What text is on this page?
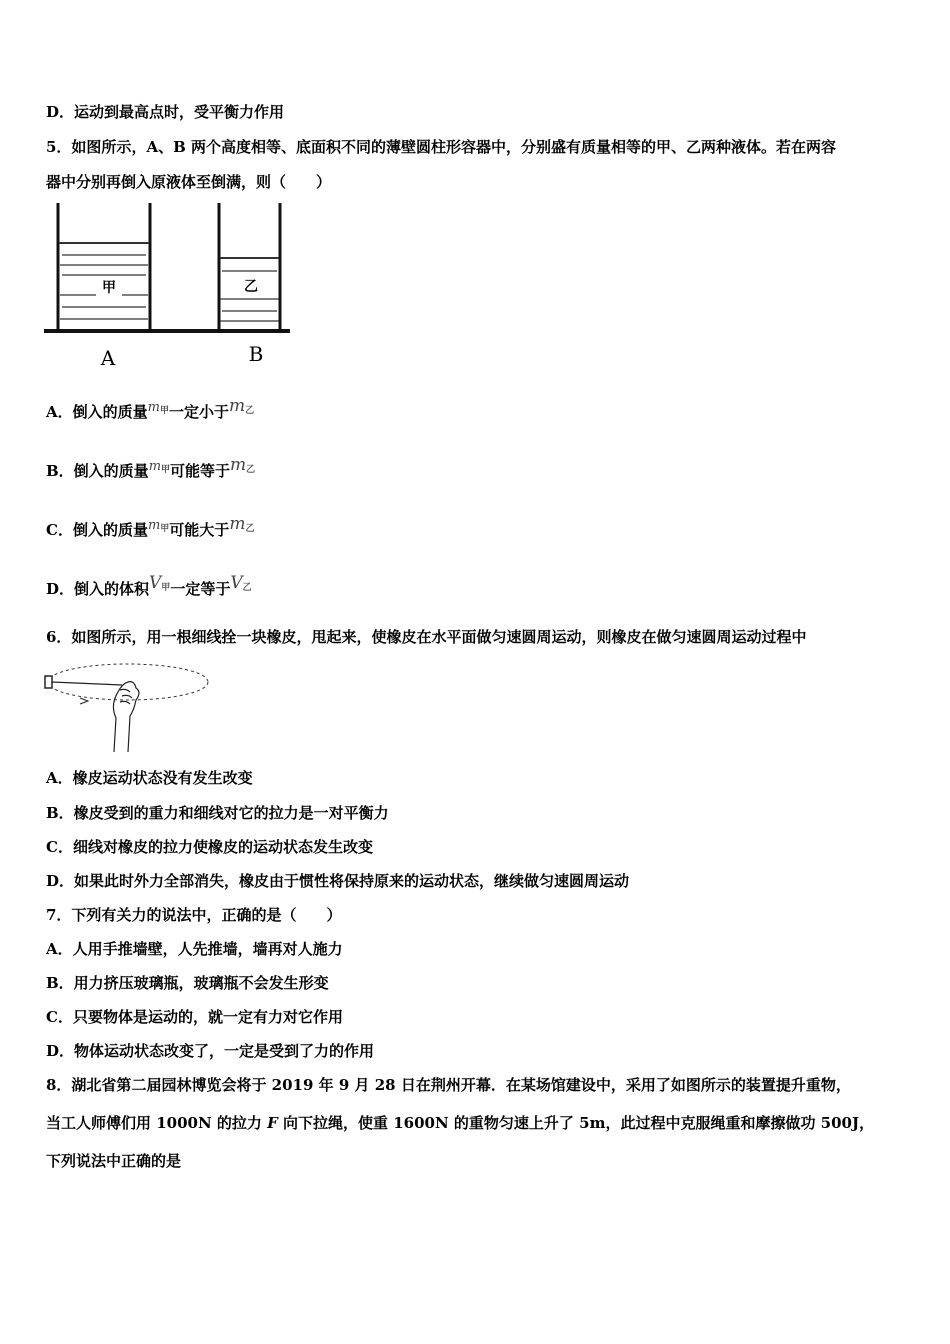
D．运动到最高点时，受平衡力作用
5．如图所示，A、B 两个高度相等、底面积不同的薄壁圆柱形容器中，分别盛有质量相等的甲、乙两种液体。若在两容
器中分别再倒入原液体至倒满，则（　　）
甲	乙
A	B
A．倒入的质量$m^甲$一定小于$m^乙$
B．倒入的质量$m^甲$可能等于$m^乙$
C．倒入的质量$m^甲$可能大于$m^乙$
D．倒入的体积$V^甲$一定等于$V^乙$
6．如图所示，用一根细线拴一块橡皮，甩起来，使橡皮在水平面做匀速圆周运动，则橡皮在做匀速圆周运动过程中
A．橡皮运动状态没有发生改变
B．橡皮受到的重力和细线对它的拉力是一对平衡力
C．细线对橡皮的拉力使橡皮的运动状态发生改变
D．如果此时外力全部消失，橡皮由于惯性将保持原来的运动状态，继续做匀速圆周运动
7．下列有关力的说法中，正确的是（　　）
A．人用手推墙壁，人先推墙，墙再对人施力
B．用力挤压玻璃瓶，玻璃瓶不会发生形变
C．只要物体是运动的，就一定有力对它作用
D．物体运动状态改变了，一定是受到了力的作用
8．湖北省第二届园林博览会将于 2019 年 9 月 28 日在荆州开幕．在某场馆建设中，采用了如图所示的装置提升重物，
当工人师傅们用 1000N 的拉力 F 向下拉绳，使重 1600N 的重物匀速上升了 5m，此过程中克服绳重和摩擦做功 500J，
下列说法中正确的是
